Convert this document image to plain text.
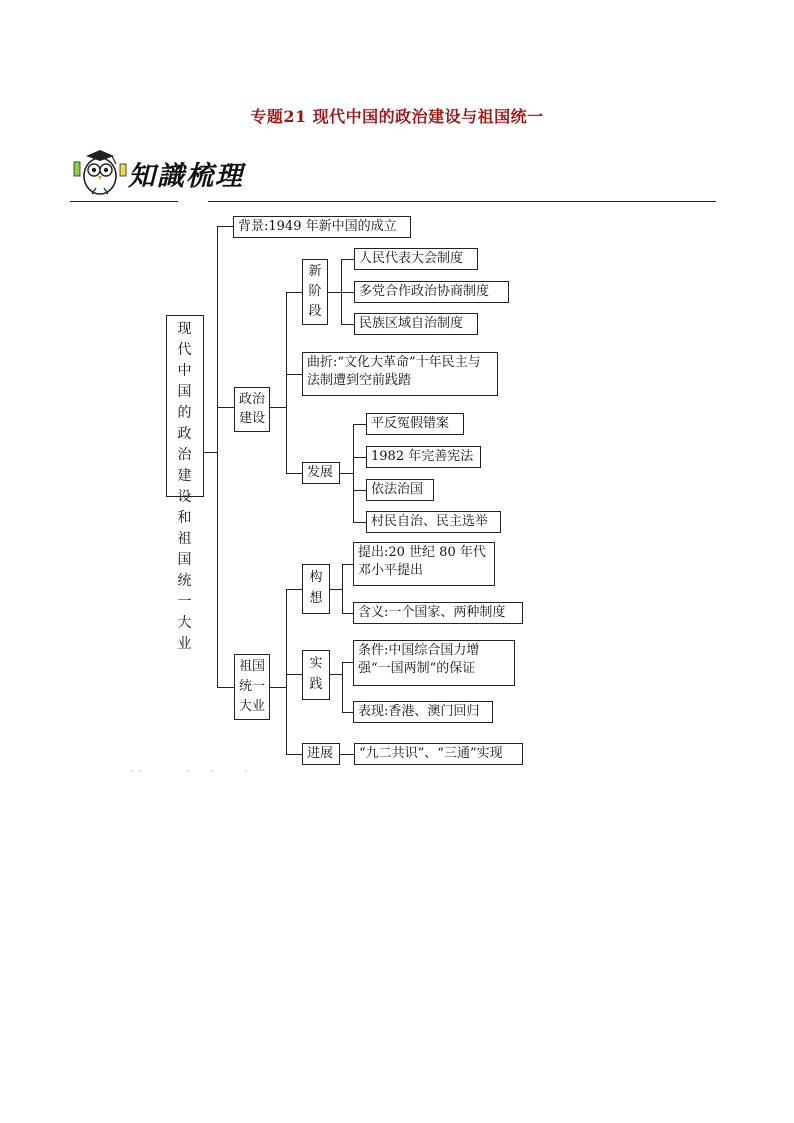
专题21 现代中国的政治建设与祖国统一
知識梳理
现代中国的政治建设和祖国统一大业
背景:1949 年新中国的成立
政治建设
新阶段
人民代表大会制度
多党合作政治协商制度
民族区域自治制度
曲折:“文化大革命”十年民主与法制遭到空前践踏
发展
平反冤假错案
1982 年完善宪法
依法治国
村民自治、民主选举
祖国统一大业
构想
提出:20 世纪 80 年代邓小平提出
含义:一个国家、两种制度
实践
条件:中国综合国力增强“一国两制”的保证
表现:香港、澳门回归
进展	“九二共识”、“三通”实现
